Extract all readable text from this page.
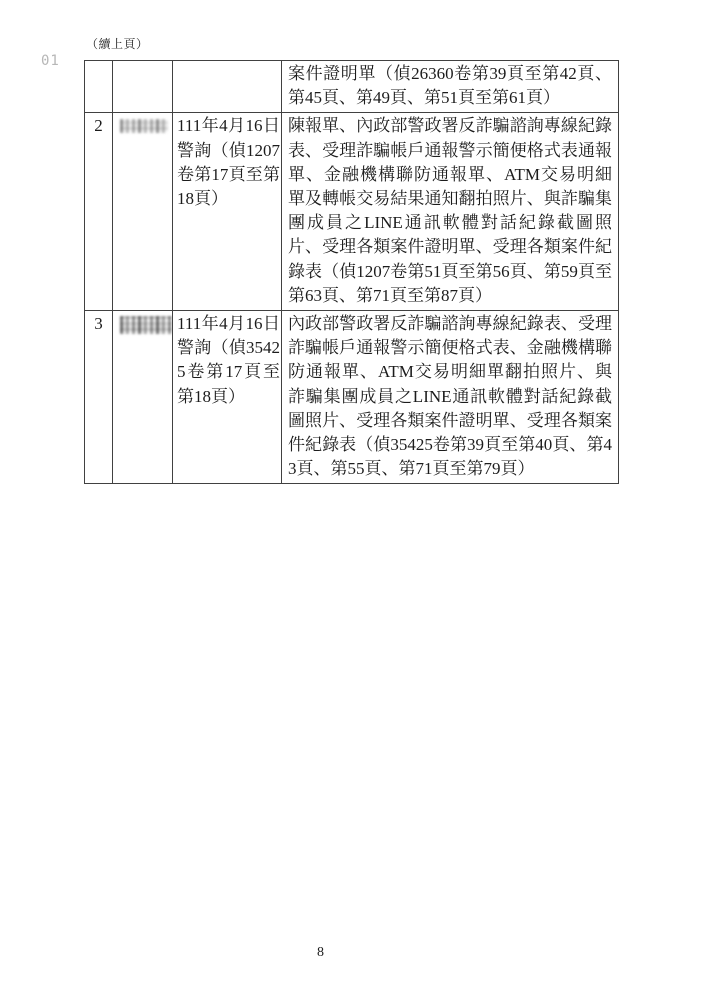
（續上頁）
01
			案件證明單（偵26360卷第39頁至第42頁、第45頁、第49頁、第51頁至第61頁）
2		111年4月16日警詢（偵1207卷第17頁至第18頁）	陳報單、內政部警政署反詐騙諮詢專線紀錄表、受理詐騙帳戶通報警示簡便格式表通報單、金融機構聯防通報單、ATM交易明細單及轉帳交易結果通知翻拍照片、與詐騙集團成員之LINE通訊軟體對話紀錄截圖照片、受理各類案件證明單、受理各類案件紀錄表（偵1207卷第51頁至第56頁、第59頁至第63頁、第71頁至第87頁）
3		111年4月16日警詢（偵35425卷第17頁至第18頁）	內政部警政署反詐騙諮詢專線紀錄表、受理詐騙帳戶通報警示簡便格式表、金融機構聯防通報單、ATM交易明細單翻拍照片、與詐騙集團成員之LINE通訊軟體對話紀錄截圖照片、受理各類案件證明單、受理各類案件紀錄表（偵35425卷第39頁至第40頁、第43頁、第55頁、第71頁至第79頁）
8
